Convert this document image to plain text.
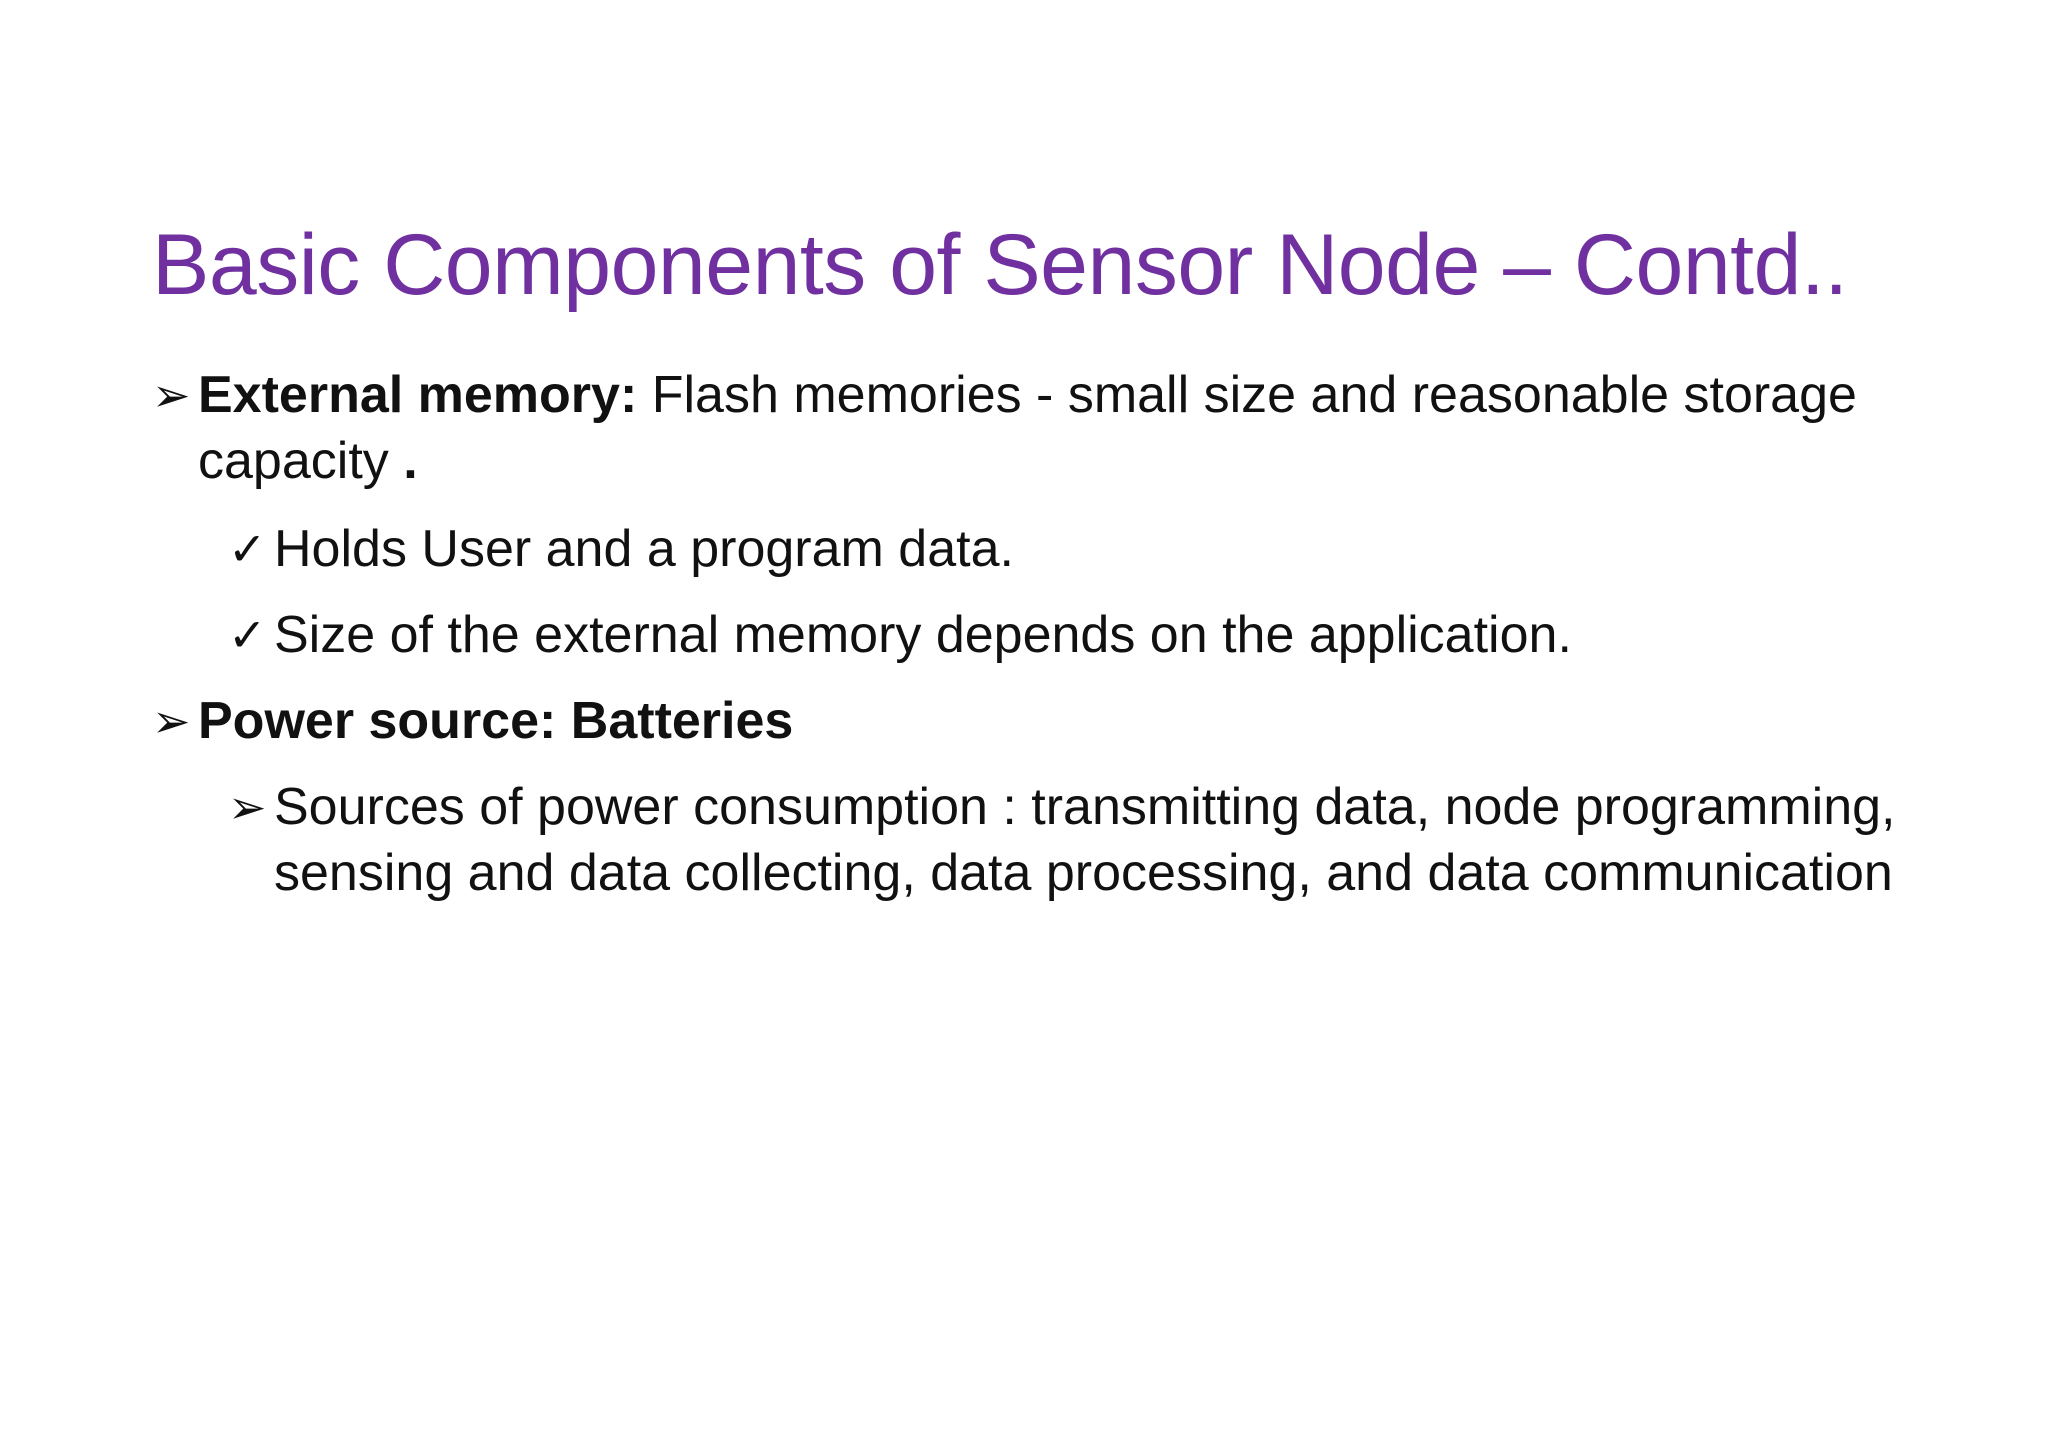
Basic Components of Sensor Node – Contd..
➢ External memory: Flash memories - small size and reasonable storage capacity .
✓ Holds User and a program data.
✓ Size of the external memory depends on the application.
➢ Power source: Batteries
➢ Sources of power consumption : transmitting data, node programming, sensing and data collecting, data processing, and data communication
